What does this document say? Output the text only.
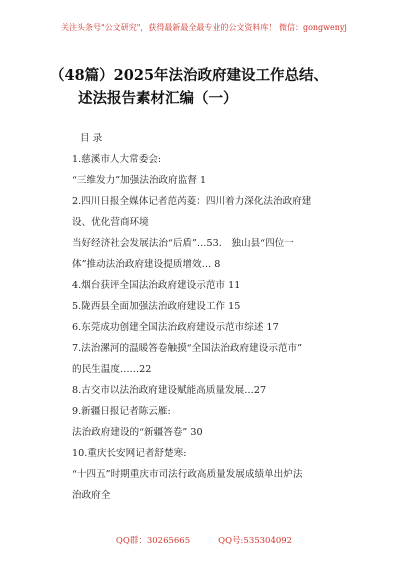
关注头条号"公文研究"，获得最新最全最专业的公文资料库！ 微信：gongwenyj
（48篇）2025年法治政府建设工作总结、
述法报告素材汇编（一）
目 录
1.慈溪市人大常委会:
“三维发力”加强法治政府监督 1
2.四川日报全媒体记者范芮菱：四川着力深化法治政府建
设、优化营商环境
当好经济社会发展法治“后盾”…53． 独山县“四位一
体”推动法治政府建设提质增效… 8
4.烟台获评全国法治政府建设示范市 11
5.陇西县全面加强法治政府建设工作 15
6.东莞成功创建全国法治政府建设示范市综述 17
7.法治漯河的温暖答卷触摸“全国法治政府建设示范市”
的民生温度……22
8.古交市以法治政府建设赋能高质量发展…27
9.新疆日报记者陈云雁:
法治政府建设的“新疆答卷” 30
10.重庆长安网记者舒楚寒:
“十四五”时期重庆市司法行政高质量发展成绩单出炉法
治政府全
QQ群：30265665	QQ号:535304092
